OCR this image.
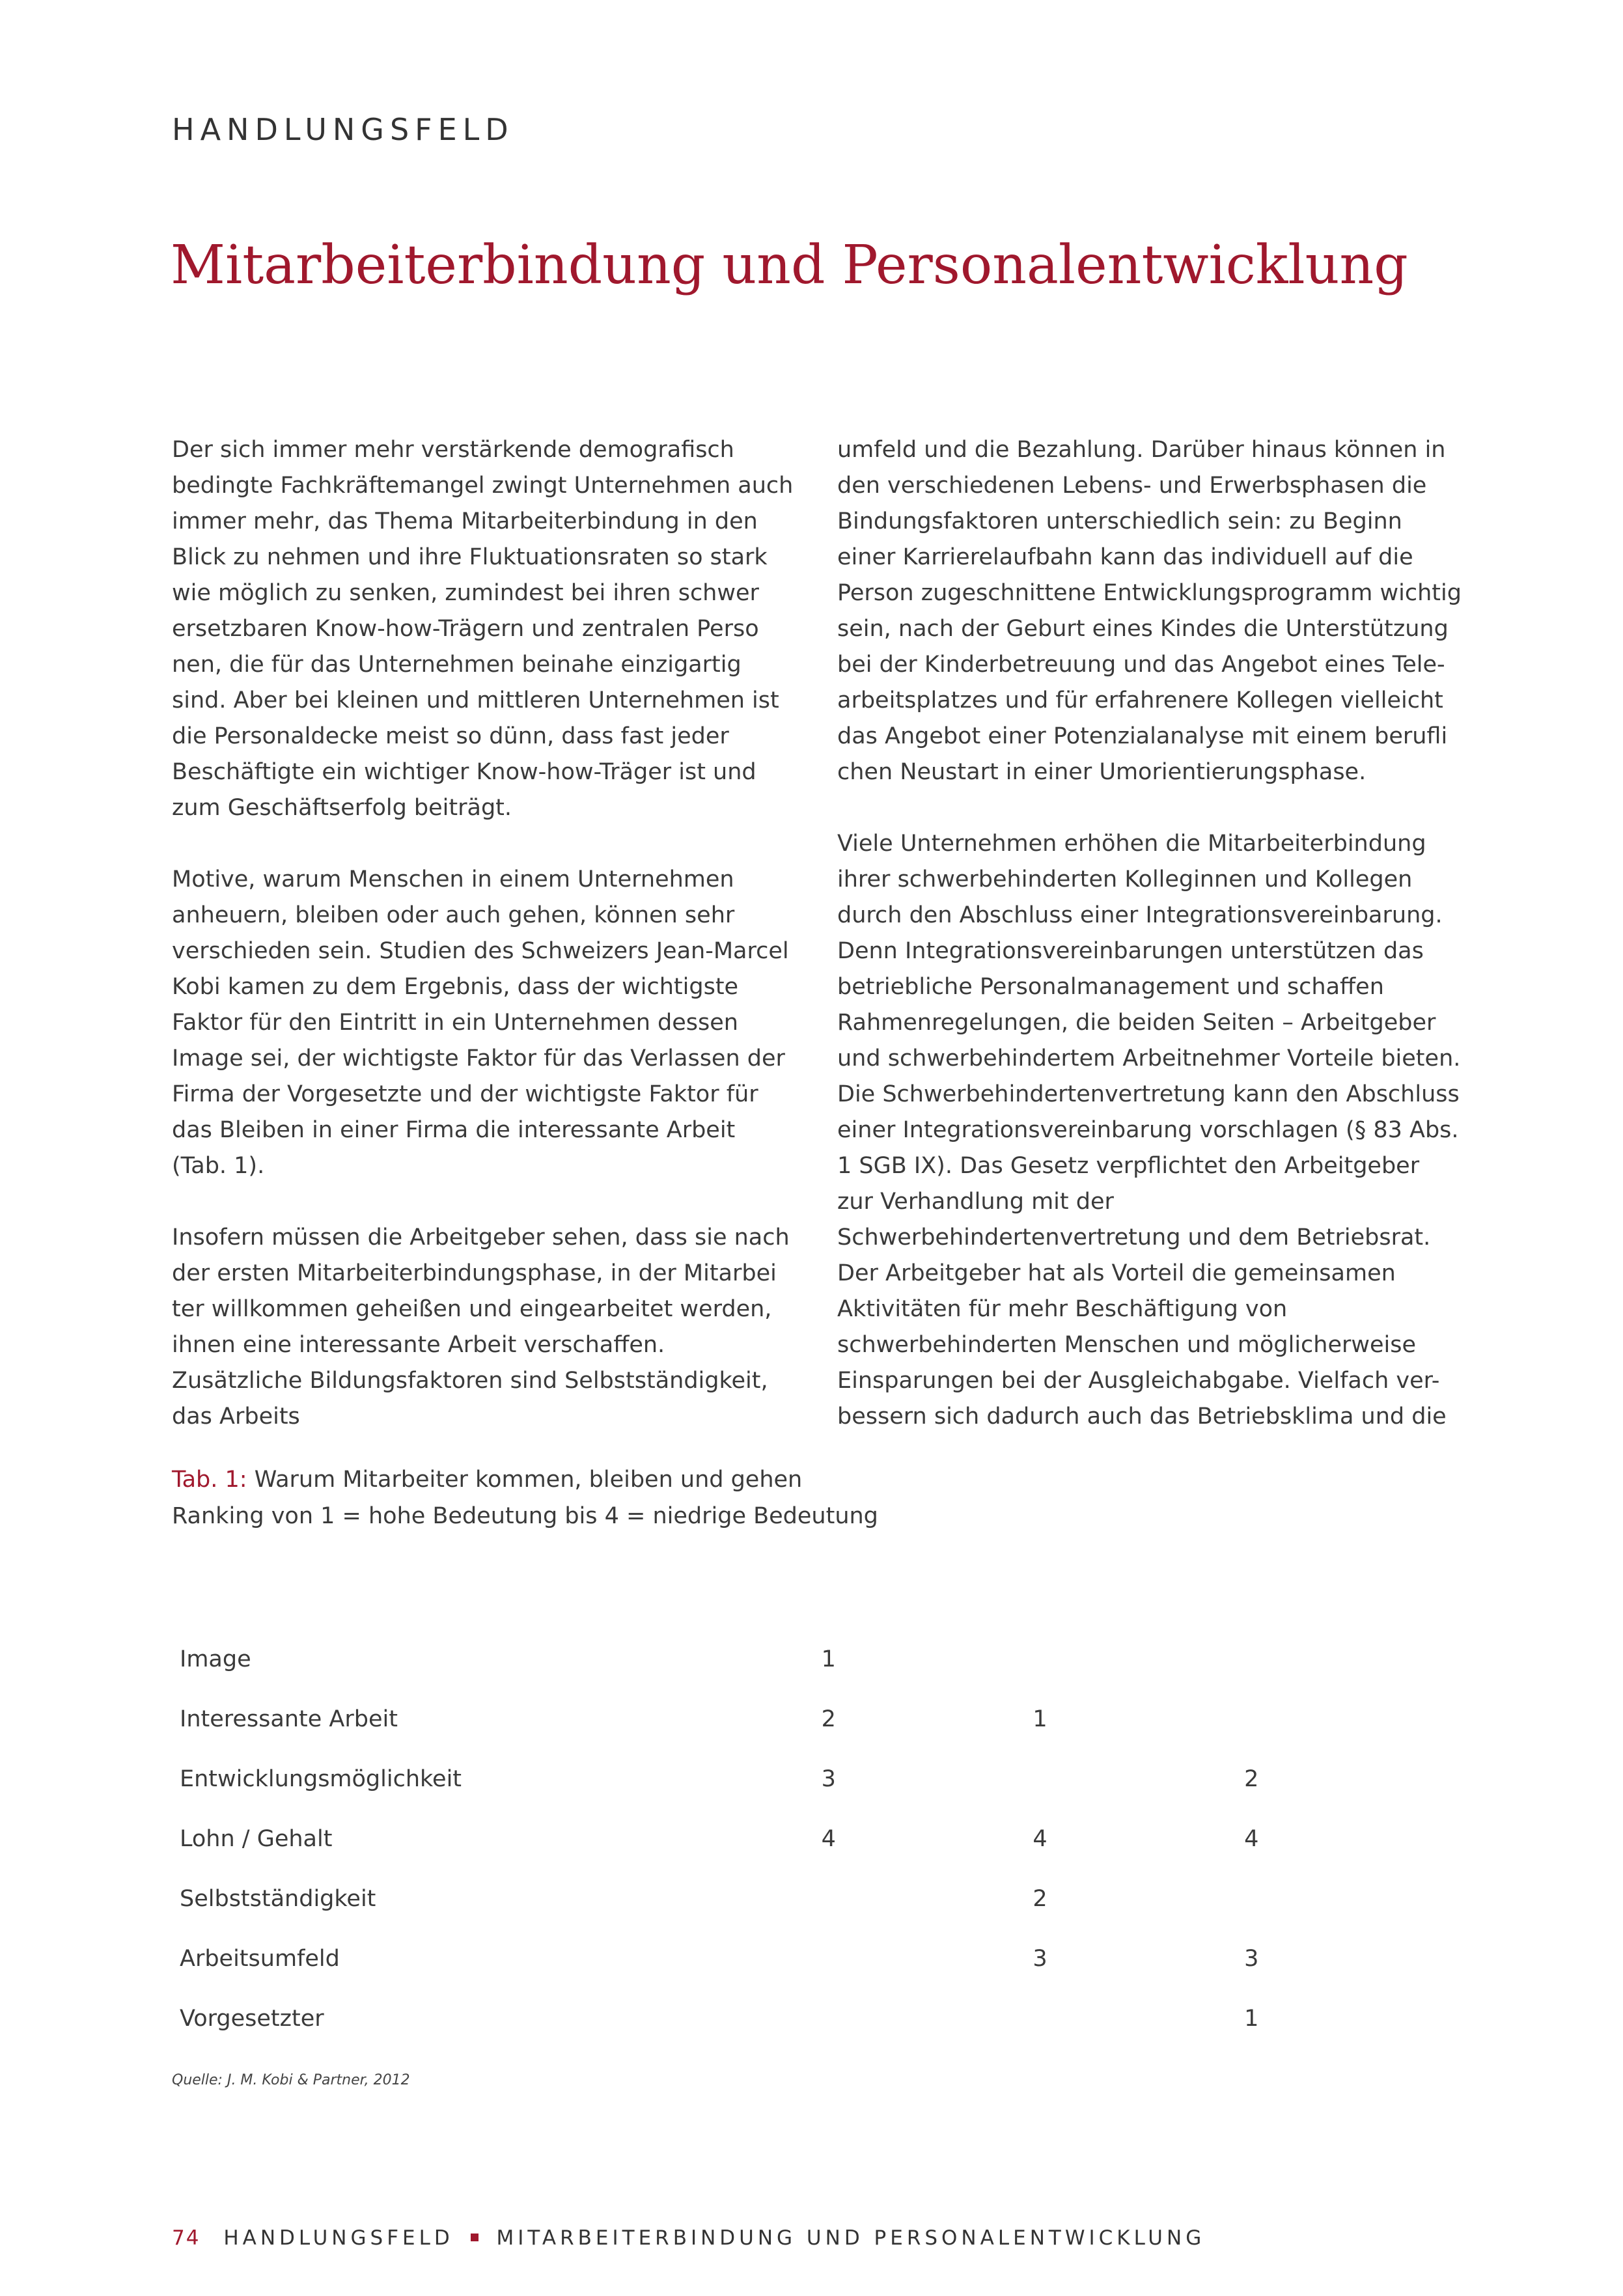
HANDLUNGSFELD
Mitarbeiterbindung und Personalentwicklung

Der sich immer mehr verstärkende demografisch bedingte Fachkräftemangel zwingt Unternehmen auch immer mehr, das Thema Mitarbeiterbindung in den Blick zu nehmen und ihre Fluktuationsraten so stark wie möglich zu senken, zumindest bei ihren schwer ersetzbaren Know-how-Trägern und zentralen Perso nen, die für das Unternehmen beinahe einzigartig sind. Aber bei kleinen und mittleren Unternehmen ist die Personaldecke meist so dünn, dass fast jeder Beschäftigte ein wichtiger Know-how-Träger ist und zum Geschäftserfolg beiträgt.

Motive, warum Menschen in einem Unternehmen anheuern, bleiben oder auch gehen, können sehr verschieden sein. Studien des Schweizers Jean-Marcel Kobi kamen zu dem Ergebnis, dass der wichtigste Faktor für den Eintritt in ein Unternehmen dessen Image sei, der wichtigste Faktor für das Verlassen der Firma der Vorgesetzte und der wichtigste Faktor für das Bleiben in einer Firma die interessante Arbeit (Tab. 1).

Insofern müssen die Arbeitgeber sehen, dass sie nach der ersten Mitarbeiterbindungsphase, in der Mitarbei ter willkommen geheißen und eingearbeitet werden, ihnen eine interessante Arbeit verschaffen. Zusätzliche Bildungsfaktoren sind Selbstständigkeit, das Arbeits

umfeld und die Bezahlung. Darüber hinaus können in den verschiedenen Lebens- und Erwerbsphasen die Bindungsfaktoren unterschiedlich sein: zu Beginn einer Karrierelaufbahn kann das individuell auf die Person zugeschnittene Entwicklungsprogramm wichtig sein, nach der Geburt eines Kindes die Unterstützung bei der Kinderbetreuung und das Angebot eines Tele-arbeitsplatzes und für erfahrenere Kollegen vielleicht das Angebot einer Potenzialanalyse mit einem berufli chen Neustart in einer Umorientierungsphase.

Viele Unternehmen erhöhen die Mitarbeiterbindung ihrer schwerbehinderten Kolleginnen und Kollegen durch den Abschluss einer Integrationsvereinbarung. Denn Integrationsvereinbarungen unterstützen das betriebliche Personalmanagement und schaffen Rahmenregelungen, die beiden Seiten – Arbeitgeber und schwerbehindertem Arbeitnehmer Vorteile bieten. Die Schwerbehindertenvertretung kann den Abschluss einer Integrationsvereinbarung vorschlagen (§ 83 Abs. 1 SGB IX). Das Gesetz verpflichtet den Arbeitgeber zur Verhandlung mit der Schwerbehindertenvertretung und dem Betriebsrat. Der Arbeitgeber hat als Vorteil die gemeinsamen Aktivitäten für mehr Beschäftigung von schwerbehinderten Menschen und möglicherweise Einsparungen bei der Ausgleichabgabe. Vielfach ver-bessern sich dadurch auch das Betriebsklima und die

Tab. 1: Warum Mitarbeiter kommen, bleiben und gehen
Ranking von 1 = hohe Bedeutung bis 4 = niedrige Bedeutung
Image	1		
Interessante Arbeit	2	1	
Entwicklungsmöglichkeit	3		2
Lohn / Gehalt	4	4	4
Selbstständigkeit		2	
Arbeitsumfeld		3	3
Vorgesetzter			1
Quelle: J. M. Kobi & Partner, 2012
74 HANDLUNGSFELD MITARBEITERBINDUNG UND PERSONALENTWICKLUNG
